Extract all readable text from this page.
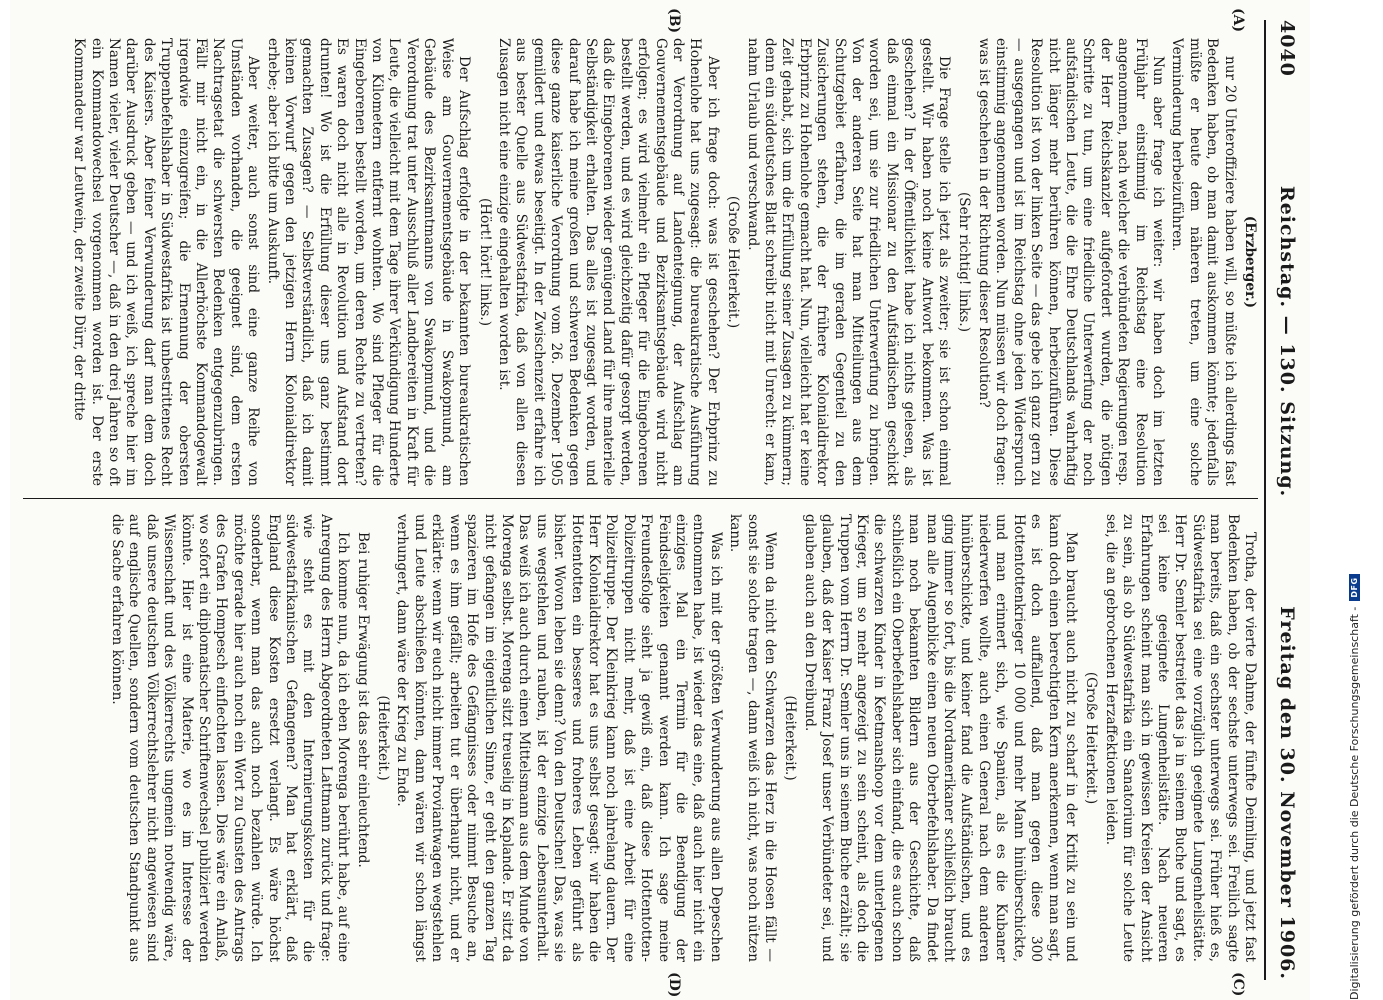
4040
Reichstag. — 130. Sitzung.
Freitag den 30. November 1906.
(A)
(B)
(C)
(D)

(Erzberger.)

nur 20 Unteroffiziere haben will, so müßte ich allerdings fast Bedenken haben, ob man damit auskommen könnte; jedenfalls müßte er heute dem näheren treten, um eine solche Verminderung herbeizuführen.

Nun aber frage ich weiter: wir haben doch im letzten Frühjahr einstimmig im Reichstag eine Resolution angenommen, nach welcher die verbündeten Regierungen resp. der Herr Reichskanzler aufgefordert wurden, die nötigen Schritte zu tun, um eine friedliche Unterwerfung der noch aufständischen Leute, die die Ehre Deutschlands wahrhaftig nicht länger mehr berühren können, herbeizuführen. Diese Resolution ist von der linken Seite — das gebe ich ganz gern zu — ausgegangen und ist im Reichstag ohne jeden Widerspruch einstimmig angenommen worden. Nun müssen wir doch fragen: was ist geschehen in der Richtung dieser Resolution?

(Sehr richtig! links.)

Die Frage stelle ich jetzt als zweiter; sie ist schon einmal gestellt. Wir haben noch keine Antwort bekommen. Was ist geschehen? In der Öffentlichkeit habe ich nichts gelesen, als daß einmal ein Missionar zu den Aufständischen geschickt worden sei, um sie zur friedlichen Unterwerfung zu bringen. Von der anderen Seite hat man Mitteilungen aus dem Schutzgebiet erfahren, die im geraden Gegenteil zu den Zusicherungen stehen, die der frühere Kolonialdirektor Erbprinz zu Hohenlohe gemacht hat. Nun, vielleicht hat er keine Zeit gehabt, sich um die Erfüllung seiner Zusagen zu kümmern; denn ein süddeutsches Blatt schreibt nicht mit Unrecht: er kam, nahm Urlaub und verschwand.

(Große Heiterkeit.)

Aber ich frage doch: was ist geschehen? Der Erbprinz zu Hohenlohe hat uns zugesagt: die bureaukratische Ausführung der Verordnung auf Landenteignung, der Aufschlag am Gouvernementsgebäude und Bezirksamtsgebäude wird nicht erfolgen; es wird vielmehr ein Pfleger für die Eingeborenen bestellt werden, und es wird gleichzeitig dafür gesorgt werden, daß die Eingeborenen wieder genügend Land für ihre materielle Selbständigkeit erhalten. Das alles ist zugesagt worden, und darauf habe ich meine großen und schweren Bedenken gegen diese ganze kaiserliche Verordnung vom 26. Dezember 1905 gemildert und etwas beseitigt. In der Zwischenzeit erfahre ich aus bester Quelle aus Südwestafrika, daß von allen diesen Zusagen nicht eine einzige eingehalten worden ist.

(Hört! hört! links.)

Der Aufschlag erfolgte in der bekannten bureaukratischen Weise am Gouvernementsgebäude in Swakopmund, am Gebäude des Bezirksamtmanns von Swakopmund, und die Verordnung trat unter Ausschluß aller Landbereiten in Kraft für Leute, die vielleicht mit dem Tage ihrer Verkündigung Hunderte von Kilometern entfernt wohnten. Wo sind Pfleger für die Eingeborenen bestellt worden, um deren Rechte zu vertreten? Es waren doch nicht alle in Revolution und Aufstand dort drunten! Wo ist die Erfüllung dieser uns ganz bestimmt gemachten Zusagen? — Selbstverständlich, daß ich damit keinen Vorwurf gegen den jetzigen Herrn Kolonialdirektor erhebe; aber ich bitte um Auskunft.

Aber weiter, auch sonst sind eine ganze Reihe von Umständen vorhanden, die geeignet sind, dem ersten Nachtragsetat die schwersten Bedenken entgegenzubringen. Fällt mir nicht ein, in die Allerhöchste Kommandogewalt irgendwie einzugreifen; die Ernennung der obersten Truppenbefehlshaber in Südwestafrika ist unbestrittenes Recht des Kaisers. Aber feiner Verwunderung darf man dem doch darüber Ausdruck geben — und ich weiß, ich spreche hier im Namen vieler, vieler Deutscher —, daß in den drei Jahren so oft ein Kommandowechsel vorgenommen worden ist. Der erste Kommandeur war Leutwein, der zweite Dürr, der dritte

Trotha, der vierte Dahme, der fünfte Deimling, und jetzt fast Bedenken haben, ob der sechste unterwegs sei. Freilich sagte man bereits, daß ein sechster unterwegs sei. Früher hieß es, Südwestafrika sei eine vorzüglich geeignete Lungenheilstätte. Herr Dr. Semler bestreitet das ja in seinem Buche und sagt, es sei keine geeignete Lungenheilstätte. Nach neueren Erfahrungen scheint man sich in gewissen Kreisen der Ansicht zu sein, als ob Südwestafrika ein Sanatorium für solche Leute sei, die an gebrochenen Herzaffektionen leiden.

(Große Heiterkeit.)

Man braucht auch nicht zu scharf in der Kritik zu sein und kann doch einen berechtigten Kern anerkennen, wenn man sagt, es ist doch auffallend, daß man gegen diese 300 Hottentottenkrieger 10 000 und mehr Mann hinüberschickte, und man erinnert sich, wie Spanien, als es die Kubaner niederwerfen wollte, auch einen General nach dem anderen hinüberschickte, und keiner fand die Aufständischen, und es ging immer so fort, bis die Nordamerikaner schließlich braucht man alle Augenblicke einen neuen Oberbefehlshaber. Da findet man noch bekannten Bildern aus der Geschichte, daß schließlich ein Oberbefehlshaber sich einfand, die es auch schon die schwarzen Kinder in Keetmanshoop vor dem unterlegenen Krieger, um so mehr angezeigt zu sein scheint, als doch die Truppen vom Herrn Dr. Semler uns in seinem Buche erzählt; sie glauben, daß der Kaiser Franz Josef unser Verbündeter sei, und glauben auch an den Dreibund.

(Heiterkeit.)

Wenn da nicht den Schwarzen das Herz in die Hosen fällt — sonst sie solche tragen —, dann weiß ich nicht, was noch nützen kann.

Was ich mit der größten Verwunderung aus allen Depeschen entnommen habe, ist wieder das eine, daß auch hier nicht ein einziges Mal ein Termin für die Beendigung der Feindseligkeiten genannt werden kann. Ich sage meine Freundesfolge sieht ja gewiß ein, daß diese Hottentotten-Polizeitruppen nicht mehr, daß ist eine Arbeit für eine Polizeitruppe. Der Kleinkrieg kann noch jahrelang dauern. Der Herr Kolonialdirektor hat es uns selbst gesagt: wir haben die Hottentotten ein besseres und froheres Leben geführt als bisher. Wovon leben sie denn? Von den Deutschen! Das, was sie uns wegstehlen und rauben, ist der einzige Lebensunterhalt. Das weiß ich auch durch einen Mittelsmann aus dem Munde von Morenga selbst. Morenga sitzt treuselig in Kaplande. Er sitzt da nicht gefangen im eigentlichen Sinne, er geht den ganzen Tag spazieren im Hofe des Gefängnisses oder nimmt Besuche an, wenn es ihm gefällt; arbeiten tut er überhaupt nicht, und er erklärte: wenn wir euch nicht immer Proviantwagen wegstehlen und Leute abschießen könnten, dann wären wir schon längst verhungert, dann wäre der Krieg zu Ende.

(Heiterkeit.)

Bei ruhiger Erwägung ist das sehr einleuchtend.

Ich komme nun, da ich eben Morenga berührt habe, auf eine Anregung des Herrn Abgeordneten Lattmann zurück und frage: wie steht es mit den Internierungskosten für die südwestafrikanischen Gefangenen? Man hat erklärt, daß England diese Kosten ersetzt verlangt. Es wäre höchst sonderbar, wenn man das auch noch bezahlen würde. Ich möchte gerade hier auch noch ein Wort zu Gunsten des Antrags des Grafen Hompesch einflechten lassen. Dies wäre ein Anlaß, wo sofort ein diplomatischer Schriftenwechsel publiziert werden könnte. Hier ist eine Materie, wo es im Interesse der Wissenschaft und des Völkerrechts ungemein notwendig wäre, daß unsere deutschen Völkerrechtslehrer nicht angewiesen sind auf englische Quellen, sondern vom deutschen Standpunkt aus die Sache erfahren können.	Digitalisierung gefördert durch die Deutsche Forschungsgemeinschaft -
DFG
